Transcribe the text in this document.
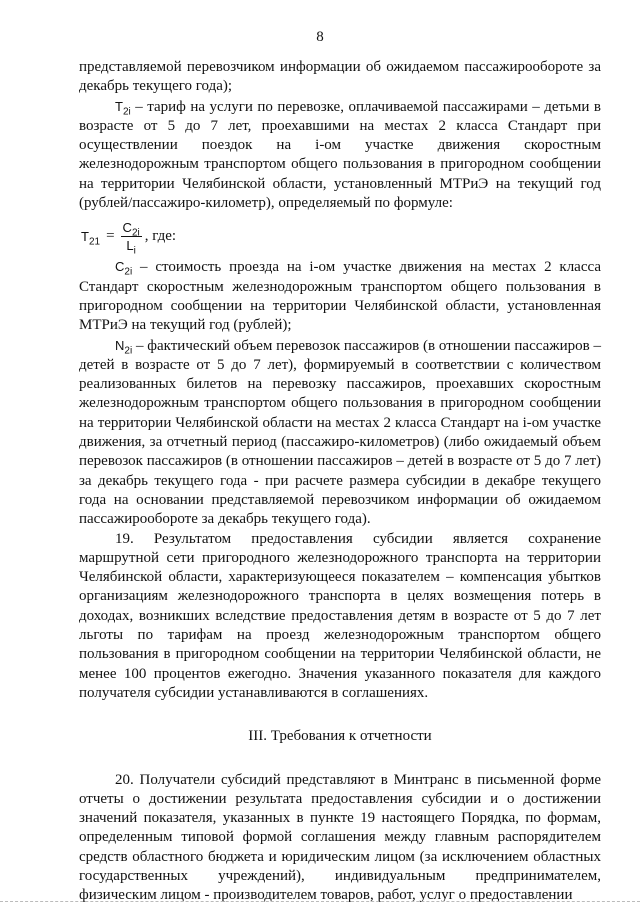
8

представляемой перевозчиком информации об ожидаемом пассажирообороте за декабрь текущего года);

$Т_{2i}$ – тариф на услуги по перевозке, оплачиваемой пассажирами – детьми в возрасте от 5 до 7 лет, проехавшими на местах 2 класса Стандарт при осуществлении поездок на i-ом участке движения скоростным железнодорожным транспортом общего пользования в пригородном сообщении на территории Челябинской области, установленный МТРиЭ на текущий год (рублей/пассажиро-километр), определяемый по формуле:

$Т_{21} = \frac{С_{2i}}{L_i}$ , где:

$С_{2i}$ – стоимость проезда на i-ом участке движения на местах 2 класса Стандарт скоростным железнодорожным транспортом общего пользования в пригородном сообщении на территории Челябинской области, установленная МТРиЭ на текущий год (рублей);

$N_{2i}$ – фактический объем перевозок пассажиров (в отношении пассажиров – детей в возрасте от 5 до 7 лет), формируемый в соответствии с количеством реализованных билетов на перевозку пассажиров, проехавших скоростным железнодорожным транспортом общего пользования в пригородном сообщении на территории Челябинской области на местах 2 класса Стандарт на i-ом участке движения, за отчетный период (пассажиро-километров) (либо ожидаемый объем перевозок пассажиров (в отношении пассажиров – детей в возрасте от 5 до 7 лет) за декабрь текущего года - при расчете размера субсидии в декабре текущего года на основании представляемой перевозчиком информации об ожидаемом пассажирообороте за декабрь текущего года).

19. Результатом предоставления субсидии является сохранение маршрутной сети пригородного железнодорожного транспорта на территории Челябинской области, характеризующееся показателем – компенсация убытков организациям железнодорожного транспорта в целях возмещения потерь в доходах, возникших вследствие предоставления детям в возрасте от 5 до 7 лет льготы по тарифам на проезд железнодорожным транспортом общего пользования в пригородном сообщении на территории Челябинской области, не менее 100 процентов ежегодно. Значения указанного показателя для каждого получателя субсидии устанавливаются в соглашениях.

III. Требования к отчетности

20. Получатели субсидий представляют в Минтранс в письменной форме отчеты о достижении результата предоставления субсидии и о достижении значений показателя, указанных в пункте 19 настоящего Порядка, по формам, определенным типовой формой соглашения между главным распорядителем средств областного бюджета и юридическим лицом (за исключением областных государственных учреждений), индивидуальным предпринимателем, физическим лицом - производителем товаров, работ, услуг о предоставлении
